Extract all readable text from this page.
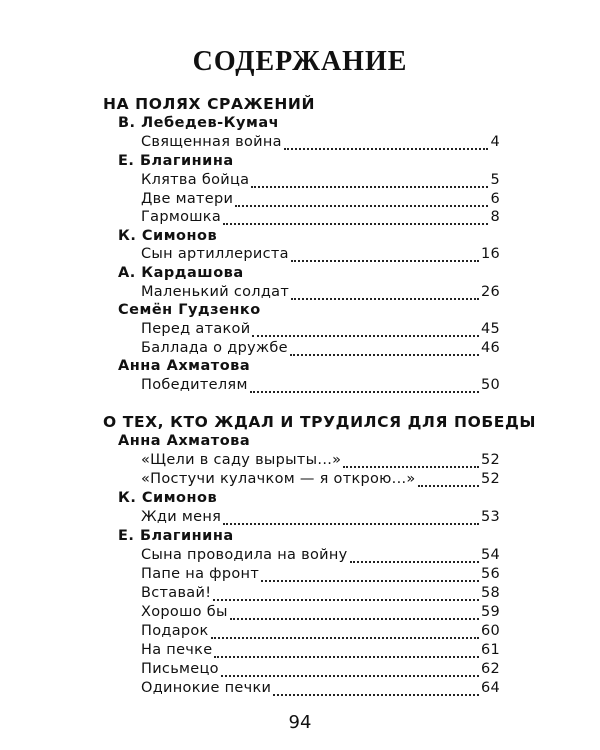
СОДЕРЖАНИЕ
НА ПОЛЯХ СРАЖЕНИЙ
В. Лебедев-Кумач
Священная война	4
Е. Благинина
Клятва бойца	5
Две матери	6
Гармошка	8
К. Симонов
Сын артиллериста	16
А. Кардашова
Маленький солдат	26
Семён Гудзенко
Перед атакой	45
Баллада о дружбе	46
Анна Ахматова
Победителям	50
О ТЕХ, КТО ЖДАЛ И ТРУДИЛСЯ ДЛЯ ПОБЕДЫ
Анна Ахматова
«Щели в саду вырыты...»	52
«Постучи кулачком — я открою...»	52
К. Симонов
Жди меня	53
Е. Благинина
Сына проводила на войну	54
Папе на фронт	56
Вставай!	58
Хорошо бы	59
Подарок	60
На печке	61
Письмецо	62
Одинокие печки	64
94
